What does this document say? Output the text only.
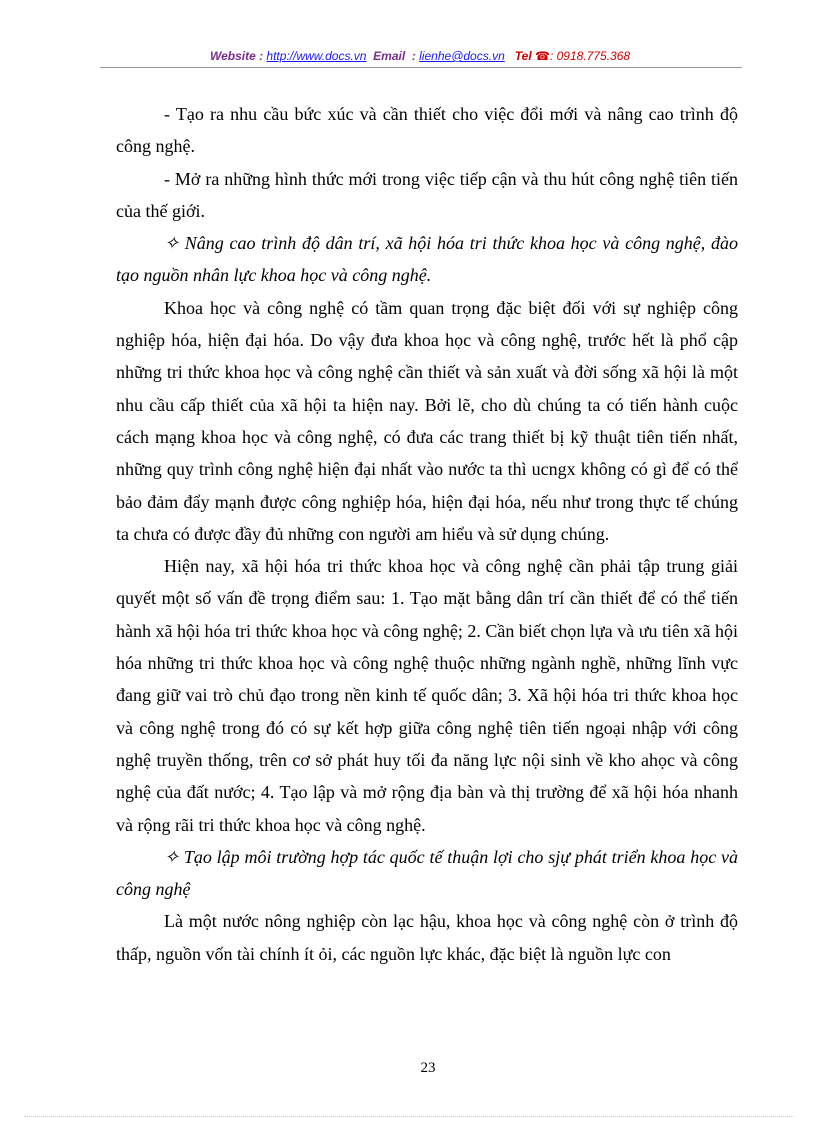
Website : http://www.docs.vn Email : lienhe@docs.vn Tel ☎: 0918.775.368

- Tạo ra nhu cầu bức xúc và cần thiết cho việc đổi mới và nâng cao trình độ công nghệ.

- Mở ra những hình thức mới trong việc tiếp cận và thu hút công nghệ tiên tiến của thế giới.

✧ Nâng cao trình độ dân trí, xã hội hóa tri thức khoa học và công nghệ, đào tạo nguồn nhân lực khoa học và công nghệ.

Khoa học và công nghệ có tầm quan trọng đặc biệt đối với sự nghiệp công nghiệp hóa, hiện đại hóa. Do vậy đưa khoa học và công nghệ, trước hết là phổ cập những tri thức khoa học và công nghệ cần thiết và sản xuất và đời sống xã hội là một nhu cầu cấp thiết của xã hội ta hiện nay. Bởi lẽ, cho dù chúng ta có tiến hành cuộc cách mạng khoa học và công nghệ, có đưa các trang thiết bị kỹ thuật tiên tiến nhất, những quy trình công nghệ hiện đại nhất vào nước ta thì ucngx không có gì để có thể bảo đảm đẩy mạnh được công nghiệp hóa, hiện đại hóa, nếu như trong thực tế chúng ta chưa có được đầy đủ những con người am hiểu và sử dụng chúng.

Hiện nay, xã hội hóa tri thức khoa học và công nghệ cần phải tập trung giải quyết một số vấn đề trọng điểm sau: 1. Tạo mặt bằng dân trí cần thiết để có thể tiến hành xã hội hóa tri thức khoa học và công nghệ; 2. Cần biết chọn lựa và ưu tiên xã hội hóa những tri thức khoa học và công nghệ thuộc những ngành nghề, những lĩnh vực đang giữ vai trò chủ đạo trong nền kinh tế quốc dân; 3. Xã hội hóa tri thức khoa học và công nghệ trong đó có sự kết hợp giữa công nghệ tiên tiến ngoại nhập với công nghệ truyền thống, trên cơ sở phát huy tối đa năng lực nội sinh về kho ahọc và công nghệ của đất nước; 4. Tạo lập và mở rộng địa bàn và thị trường để xã hội hóa nhanh và rộng rãi tri thức khoa học và công nghệ.

✧ Tạo lập môi trường hợp tác quốc tế thuận lợi cho sjự phát triển khoa học và công nghệ

Là một nước nông nghiệp còn lạc hậu, khoa học và công nghệ còn ở trình độ thấp, nguồn vốn tài chính ít ỏi, các nguồn lực khác, đặc biệt là nguồn lực con

23
